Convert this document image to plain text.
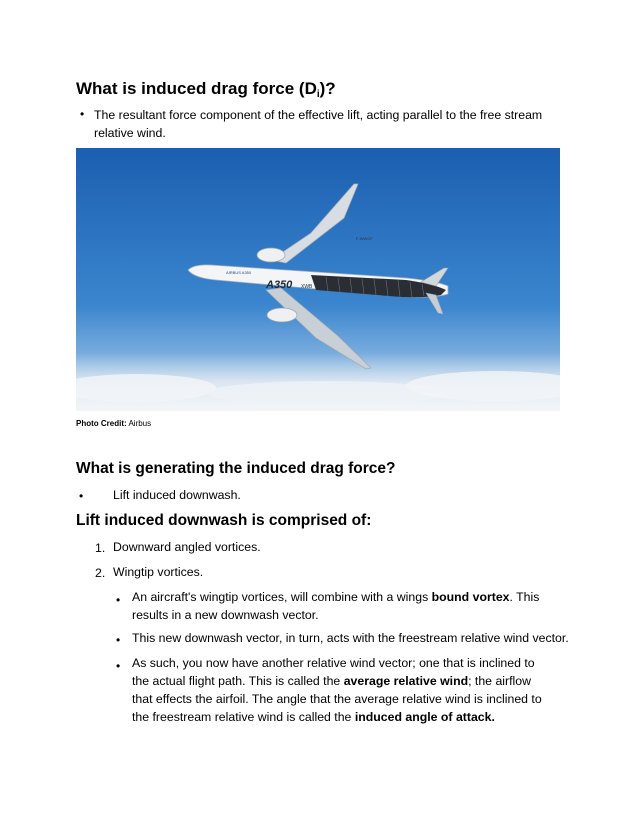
What is induced drag force (Di)?
• The resultant force component of the effective lift, acting parallel to the free stream relative wind.
A350 XWB
AIRBUS A350
F-WWCF
Photo Credit: Airbus
What is generating the induced drag force?
• Lift induced downwash.
Lift induced downwash is comprised of:
1. Downward angled vortices.
2. Wingtip vortices.
• An aircraft's wingtip vortices, will combine with a wings bound vortex. This results in a new downwash vector.
• This new downwash vector, in turn, acts with the freestream relative wind vector.
• As such, you now have another relative wind vector; one that is inclined to the actual flight path. This is called the average relative wind; the airflow that effects the airfoil. The angle that the average relative wind is inclined to the freestream relative wind is called the induced angle of attack.
